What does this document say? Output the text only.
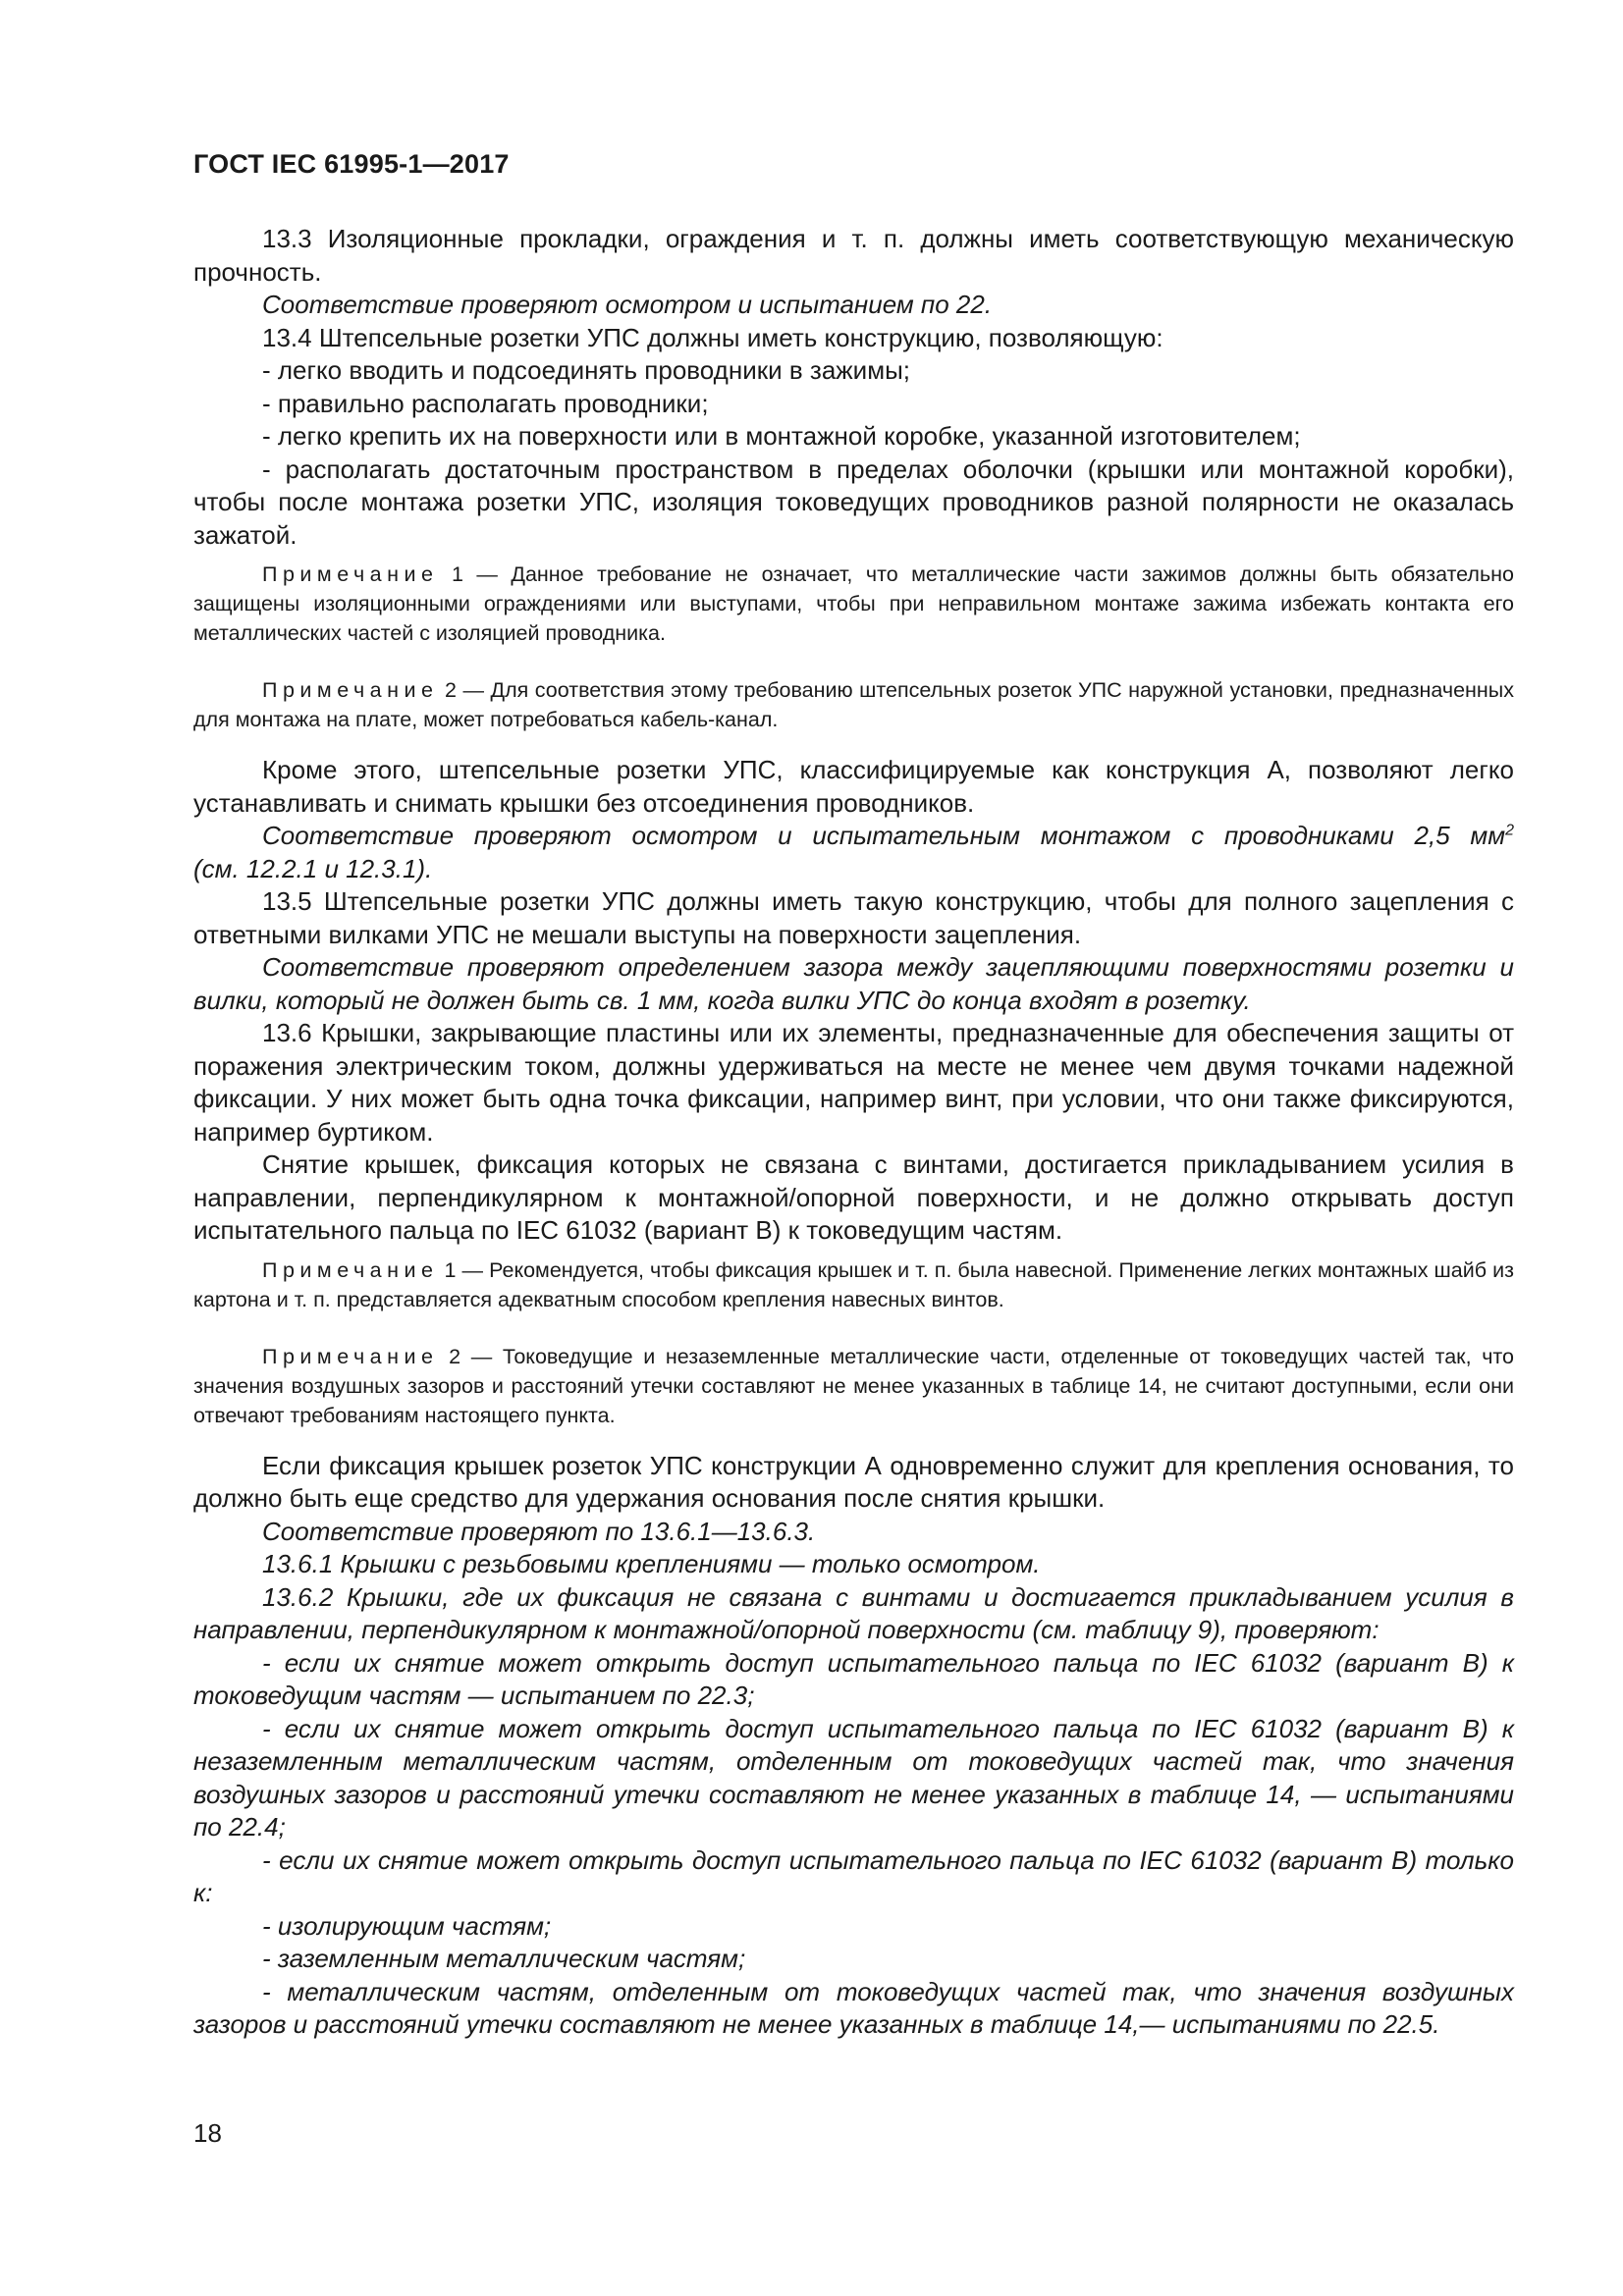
ГОСТ IEC 61995-1—2017

13.3 Изоляционные прокладки, ограждения и т. п. должны иметь соответствующую механическую прочность.

Соответствие проверяют осмотром и испытанием по 22.

13.4 Штепсельные розетки УПС должны иметь конструкцию, позволяющую:

- легко вводить и подсоединять проводники в зажимы;

- правильно располагать проводники;

- легко крепить их на поверхности или в монтажной коробке, указанной изготовителем;

- располагать достаточным пространством в пределах оболочки (крышки или монтажной коробки), чтобы после монтажа розетки УПС, изоляция токоведущих проводников разной полярности не оказалась зажатой.

Примечание 1 — Данное требование не означает, что металлические части зажимов должны быть обязательно защищены изоляционными ограждениями или выступами, чтобы при неправильном монтаже зажима избежать контакта его металлических частей с изоляцией проводника.

Примечание 2 — Для соответствия этому требованию штепсельных розеток УПС наружной установки, предназначенных для монтажа на плате, может потребоваться кабель-канал.

Кроме этого, штепсельные розетки УПС, классифицируемые как конструкция А, позволяют легко устанавливать и снимать крышки без отсоединения проводников.

Соответствие проверяют осмотром и испытательным монтажом с проводниками 2,5 $мм^2$

(см. 12.2.1 и 12.3.1).

13.5 Штепсельные розетки УПС должны иметь такую конструкцию, чтобы для полного зацепления с ответными вилками УПС не мешали выступы на поверхности зацепления.

Соответствие проверяют определением зазора между зацепляющими поверхностями розетки и вилки, который не должен быть св. 1 мм, когда вилки УПС до конца входят в розетку.

13.6 Крышки, закрывающие пластины или их элементы, предназначенные для обеспечения защиты от поражения электрическим током, должны удерживаться на месте не менее чем двумя точками надежной фиксации. У них может быть одна точка фиксации, например винт, при условии, что они также фиксируются, например буртиком.

Снятие крышек, фиксация которых не связана с винтами, достигается прикладыванием усилия в направлении, перпендикулярном к монтажной/опорной поверхности, и не должно открывать доступ испытательного пальца по IEC 61032 (вариант В) к токоведущим частям.

Примечание 1 — Рекомендуется, чтобы фиксация крышек и т. п. была навесной. Применение легких монтажных шайб из картона и т. п. представляется адекватным способом крепления навесных винтов.

Примечание 2 — Токоведущие и незаземленные металлические части, отделенные от токоведущих частей так, что значения воздушных зазоров и расстояний утечки составляют не менее указанных в таблице 14, не считают доступными, если они отвечают требованиям настоящего пункта.

Если фиксация крышек розеток УПС конструкции А одновременно служит для крепления основания, то должно быть еще средство для удержания основания после снятия крышки.

Соответствие проверяют по 13.6.1—13.6.3.

13.6.1 Крышки с резьбовыми креплениями — только осмотром.

13.6.2 Крышки, где их фиксация не связана с винтами и достигается прикладыванием усилия в направлении, перпендикулярном к монтажной/опорной поверхности (см. таблицу 9), проверяют:

- если их снятие может открыть доступ испытательного пальца по IEC 61032 (вариант В) к токоведущим частям — испытанием по 22.3;

- если их снятие может открыть доступ испытательного пальца по IEC 61032 (вариант В) к незаземленным металлическим частям, отделенным от токоведущих частей так, что значения воздушных зазоров и расстояний утечки составляют не менее указанных в таблице 14, — испытаниями по 22.4;

- если их снятие может открыть доступ испытательного пальца по IEC 61032 (вариант В) только к:

- изолирующим частям;

- заземленным металлическим частям;

- металлическим частям, отделенным от токоведущих частей так, что значения воздушных зазоров и расстояний утечки составляют не менее указанных в таблице 14,— испытаниями по 22.5.

18
